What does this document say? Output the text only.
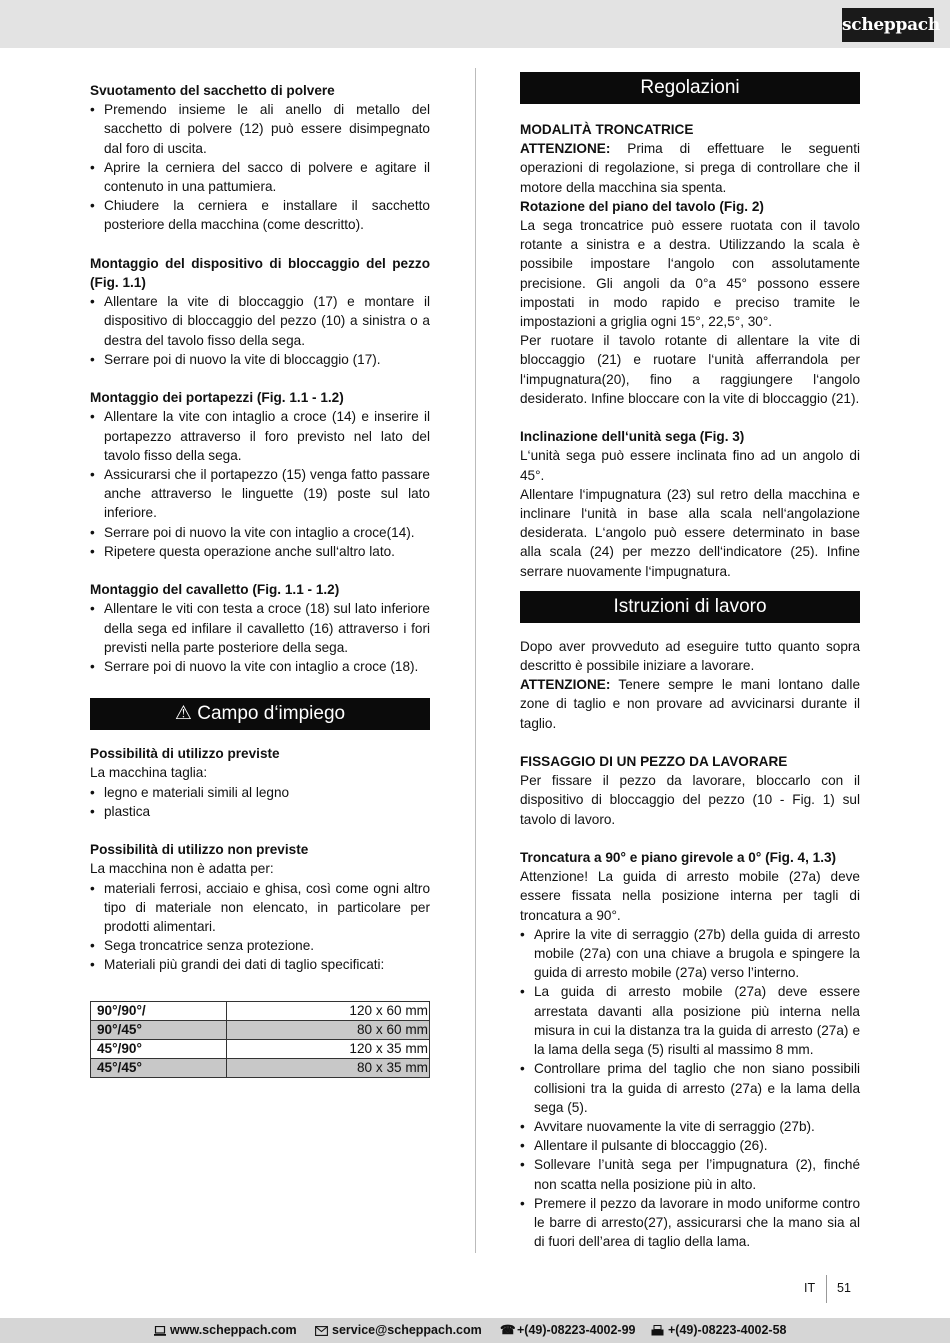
scheppach

Svuotamento del sacchetto di polvere

• Premendo insieme le ali anello di metallo del sacchetto di polvere (12) può essere disimpegnato dal foro di uscita.
• Aprire la cerniera del sacco di polvere e agitare il contenuto in una pattumiera.
• Chiudere la cerniera e installare il sacchetto posteriore della macchina (come descritto).

Montaggio del dispositivo di bloccaggio del pezzo (Fig. 1.1)

• Allentare la vite di bloccaggio (17) e montare il dispositivo di bloccaggio del pezzo (10) a sinistra o a destra del tavolo fisso della sega.
• Serrare poi di nuovo la vite di bloccaggio (17).

Montaggio dei portapezzi (Fig. 1.1 - 1.2)

• Allentare la vite con intaglio a croce (14) e inserire il portapezzo attraverso il foro previsto nel lato del tavolo fisso della sega.
• Assicurarsi che il portapezzo (15) venga fatto passare anche attraverso le linguette (19) poste sul lato inferiore.
• Serrare poi di nuovo la vite con intaglio a croce(14).
• Ripetere questa operazione anche sull‘altro lato.

Montaggio del cavalletto (Fig. 1.1 - 1.2)

• Allentare le viti con testa a croce (18) sul lato inferiore della sega ed infilare il cavalletto (16) attraverso i fori previsti nella parte posteriore della sega.
• Serrare poi di nuovo la vite con intaglio a croce (18).
⚠ Campo d‘impiego

Possibilità di utilizzo previste

La macchina taglia:

• legno e materiali simili al legno
• plastica

Possibilità di utilizzo non previste

La macchina non è adatta per:

• materiali ferrosi, acciaio e ghisa, così come ogni altro tipo di materiale non elencato, in particolare per prodotti alimentari.
• Sega troncatrice senza protezione.
• Materiali più grandi dei dati di taglio specificati:
90°/90°/	120 x 60 mm
90°/45°	80 x 60 mm
45°/90°	120 x 35 mm
45°/45°	80 x 35 mm
Regolazioni

MODALITÀ TRONCATRICE

ATTENZIONE: Prima di effettuare le seguenti operazioni di regolazione, si prega di controllare che il motore della macchina sia spenta.

Rotazione del piano del tavolo (Fig. 2)

La sega troncatrice può essere ruotata con il tavolo rotante a sinistra e a destra. Utilizzando la scala è possibile impostare l‘angolo con assolutamente precisione. Gli angoli da 0°a 45° possono essere impostati in modo rapido e preciso tramite le impostazioni a griglia ogni 15°, 22,5°, 30°.

Per ruotare il tavolo rotante di allentare la vite di bloccaggio (21) e ruotare l‘unità afferrandola per l‘impugnatura(20), fino a raggiungere l‘angolo desiderato. Infine bloccare con la vite di bloccaggio (21).

Inclinazione dell‘unità sega (Fig. 3)

L‘unità sega può essere inclinata fino ad un angolo di 45°.

Allentare l‘impugnatura (23) sul retro della macchina e inclinare l‘unità in base alla scala nell‘angolazione desiderata. L‘angolo può essere determinato in base alla scala (24) per mezzo dell‘indicatore (25). Infine serrare nuovamente l‘impugnatura.

Istruzioni di lavoro

Dopo aver provveduto ad eseguire tutto quanto sopra descritto è possibile iniziare a lavorare.

ATTENZIONE: Tenere sempre le mani lontano dalle zone di taglio e non provare ad avvicinarsi durante il taglio.

FISSAGGIO DI UN PEZZO DA LAVORARE

Per fissare il pezzo da lavorare, bloccarlo con il dispositivo di bloccaggio del pezzo (10 - Fig. 1) sul tavolo di lavoro.

Troncatura a 90° e piano girevole a 0° (Fig. 4, 1.3)

Attenzione! La guida di arresto mobile (27a) deve essere fissata nella posizione interna per tagli di troncatura a 90°.

• Aprire la vite di serraggio (27b) della guida di arresto mobile (27a) con una chiave a brugola e spingere la guida di arresto mobile (27a) verso l’interno.
• La guida di arresto mobile (27a) deve essere arrestata davanti alla posizione più interna nella misura in cui la distanza tra la guida di arresto (27a) e la lama della sega (5) risulti al massimo 8 mm.
• Controllare prima del taglio che non siano possibili collisioni tra la guida di arresto (27a) e la lama della sega (5).
• Avvitare nuovamente la vite di serraggio (27b).
• Allentare il pulsante di bloccaggio (26).
• Sollevare l’unità sega per l’impugnatura (2), finché non scatta nella posizione più in alto.
• Premere il pezzo da lavorare in modo uniforme contro le barre di arresto(27), assicurarsi che la mano sia al di fuori dell’area di taglio della lama.
IT 51
www.scheppach.com	service@scheppach.com ☎ +(49)-08223-4002-99	+(49)-08223-4002-58
